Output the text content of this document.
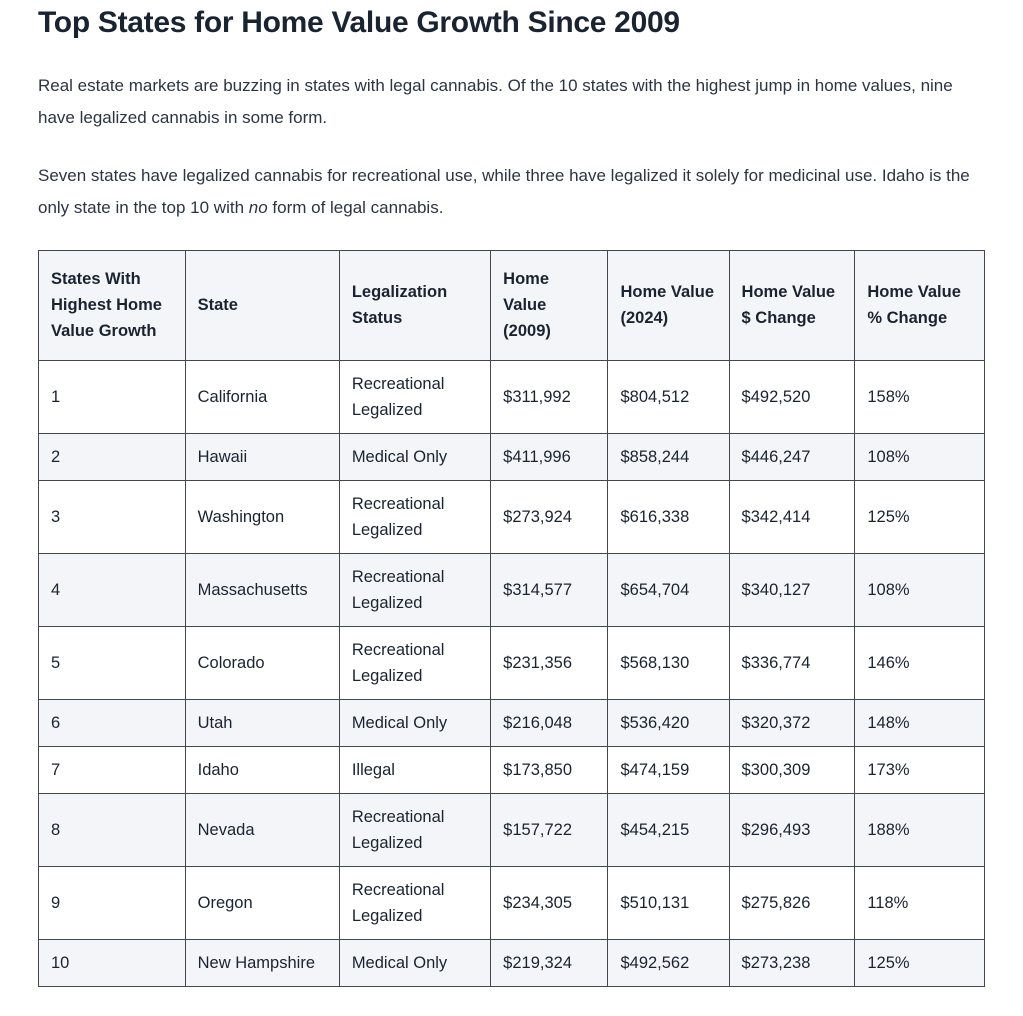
Top States for Home Value Growth Since 2009

Real estate markets are buzzing in states with legal cannabis. Of the 10 states with the highest jump in home values, nine have legalized cannabis in some form.

Seven states have legalized cannabis for recreational use, while three have legalized it solely for medicinal use. Idaho is the only state in the top 10 with no form of legal cannabis.

States With Highest Home Value Growth	State	Legalization Status	Home Value (2009)	Home Value (2024)	Home Value $ Change	Home Value % Change
1	California	Recreational Legalized	$311,992	$804,512	$492,520	158%
2	Hawaii	Medical Only	$411,996	$858,244	$446,247	108%
3	Washington	Recreational Legalized	$273,924	$616,338	$342,414	125%
4	Massachusetts	Recreational Legalized	$314,577	$654,704	$340,127	108%
5	Colorado	Recreational Legalized	$231,356	$568,130	$336,774	146%
6	Utah	Medical Only	$216,048	$536,420	$320,372	148%
7	Idaho	Illegal	$173,850	$474,159	$300,309	173%
8	Nevada	Recreational Legalized	$157,722	$454,215	$296,493	188%
9	Oregon	Recreational Legalized	$234,305	$510,131	$275,826	118%
10	New Hampshire	Medical Only	$219,324	$492,562	$273,238	125%
